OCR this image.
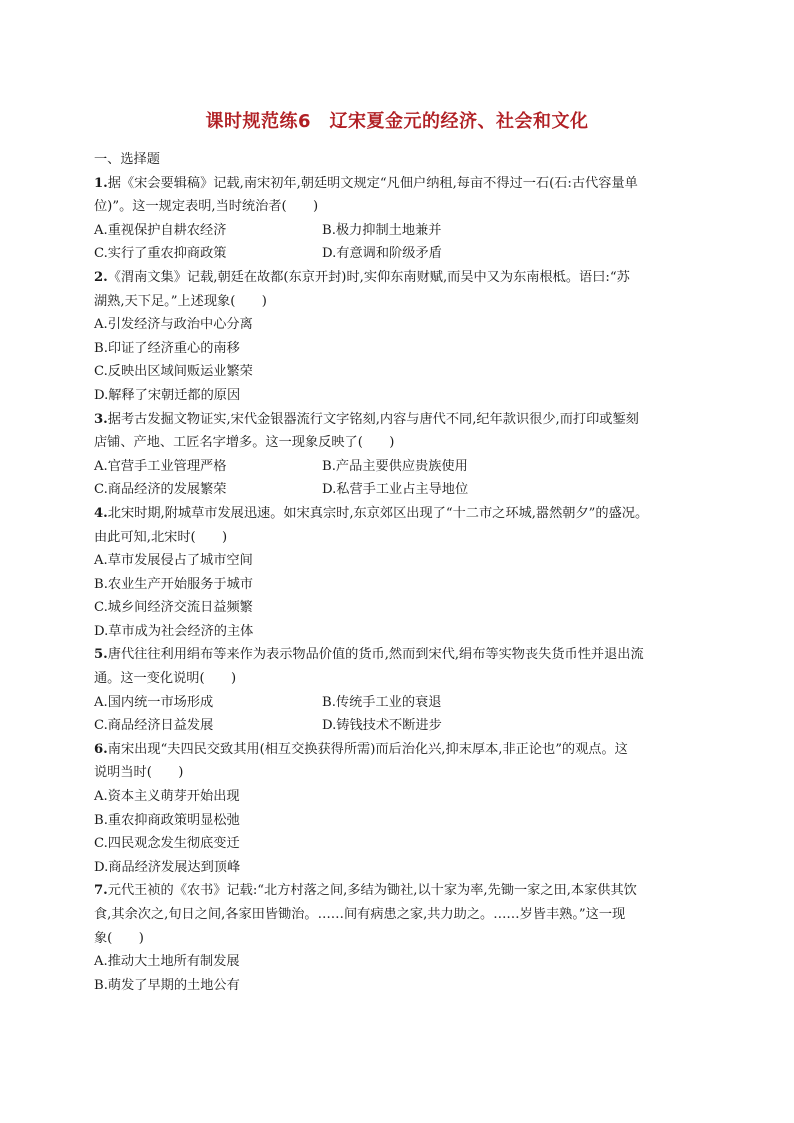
课时规范练6　辽宋夏金元的经济、社会和文化

一、选择题

1.据《宋会要辑稿》记载,南宋初年,朝廷明文规定“凡佃户纳租,每亩不得过一石(石:古代容量单

位)”。这一规定表明,当时统治者(　　)

A.重视保护自耕农经济	B.极力抑制土地兼并

C.实行了重农抑商政策	D.有意调和阶级矛盾

2.《渭南文集》记载,朝廷在故都(东京开封)时,实仰东南财赋,而吴中又为东南根柢。语曰:“苏

湖熟,天下足。”上述现象(　　)

A.引发经济与政治中心分离

B.印证了经济重心的南移

C.反映出区域间贩运业繁荣

D.解释了宋朝迁都的原因

3.据考古发掘文物证实,宋代金银器流行文字铭刻,内容与唐代不同,纪年款识很少,而打印或錾刻

店铺、产地、工匠名字增多。这一现象反映了(　　)

A.官营手工业管理严格	B.产品主要供应贵族使用

C.商品经济的发展繁荣	D.私营手工业占主导地位

4.北宋时期,附城草市发展迅速。如宋真宗时,东京郊区出现了“十二市之环城,嚣然朝夕”的盛况。

由此可知,北宋时(　　)

A.草市发展侵占了城市空间

B.农业生产开始服务于城市

C.城乡间经济交流日益频繁

D.草市成为社会经济的主体

5.唐代往往利用绢布等来作为表示物品价值的货币,然而到宋代,绢布等实物丧失货币性并退出流

通。这一变化说明(　　)

A.国内统一市场形成	B.传统手工业的衰退

C.商品经济日益发展	D.铸钱技术不断进步

6.南宋出现“夫四民交致其用(相互交换获得所需)而后治化兴,抑末厚本,非正论也”的观点。这

说明当时(　　)

A.资本主义萌芽开始出现

B.重农抑商政策明显松弛

C.四民观念发生彻底变迁

D.商品经济发展达到顶峰

7.元代王祯的《农书》记载:“北方村落之间,多结为锄社,以十家为率,先锄一家之田,本家供其饮

食,其余次之,旬日之间,各家田皆锄治。……间有病患之家,共力助之。……岁皆丰熟。”这一现

象(　　)

A.推动大土地所有制发展

B.萌发了早期的土地公有
